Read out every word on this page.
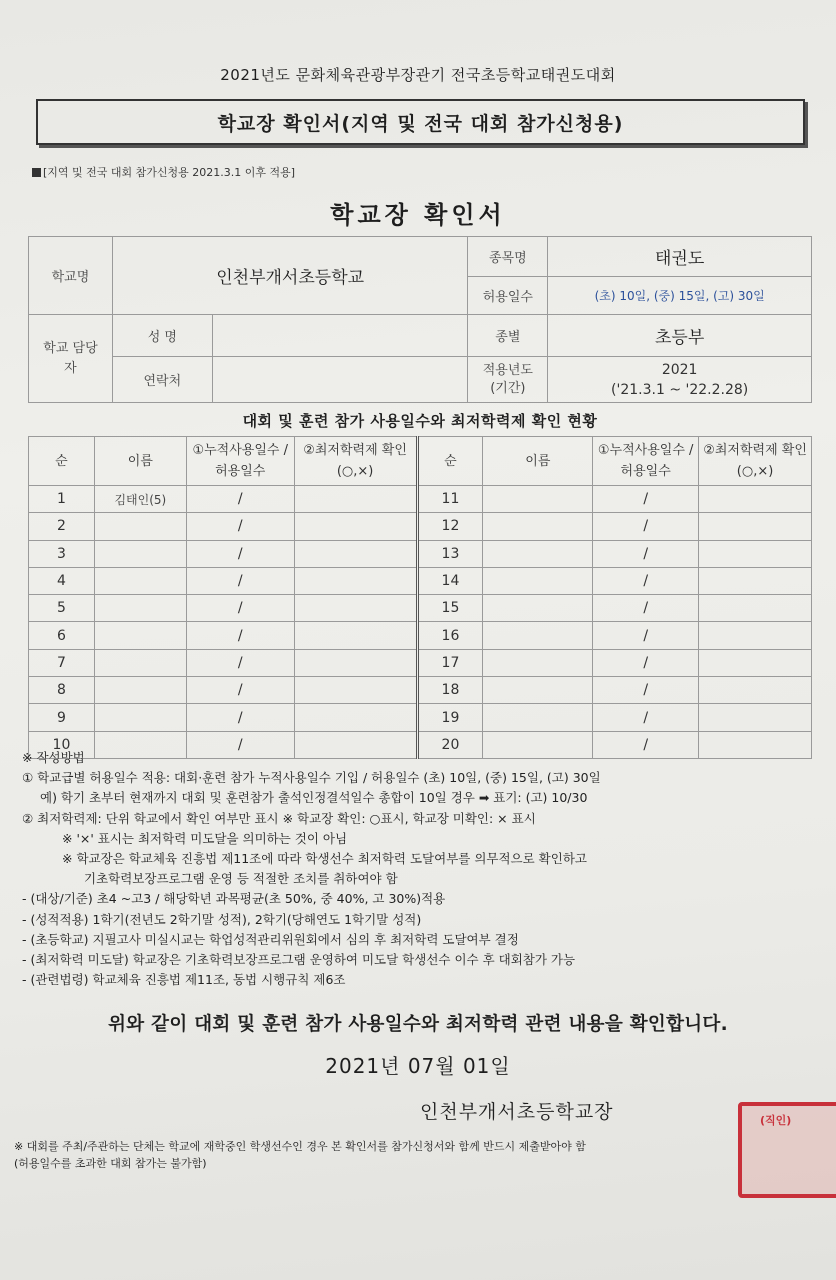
2021년도 문화체육관광부장관기 전국초등학교태권도대회
학교장 확인서(지역 및 전국 대회 참가신청용)
[지역 및 전국 대회 참가신청용 2021.3.1 이후 적용]
학교장 확인서
학교명	인천부개서초등학교		종목명	태권도
			허용일수	(초) 10일, (중) 15일, (고) 30일
학교 담당자	성 명		종별	초등부
	연락처		적용년도 (기간)	2021
('21.3.1 ~ '22.2.28)
대회 및 훈련 참가 사용일수와 최저학력제 확인 현황
순	이름	①누적사용일수 /허용일수	②최저학력제 확인(○,×)	순	이름	①누적사용일수 /허용일수	②최저학력제 확인(○,×)
1	김태인(5)	/		11		/	
2		/		12		/	
3		/		13		/	
4		/		14		/	
5		/		15		/	
6		/		16		/	
7		/		17		/	
8		/		18		/	
9		/		19		/	
10		/		20		/	
※ 작성방법
① 학교급별 허용일수 적용: 대회·훈련 참가 누적사용일수 기입 / 허용일수 (초) 10일, (중) 15일, (고) 30일
예) 학기 초부터 현재까지 대회 및 훈련참가 출석인정결석일수 총합이 10일 경우 ➡ 표기: (고) 10/30
② 최저학력제: 단위 학교에서 확인 여부만 표시 ※ 학교장 확인: ○표시, 학교장 미확인: × 표시
※ '×' 표시는 최저학력 미도달을 의미하는 것이 아님
※ 학교장은 학교체육 진흥법 제11조에 따라 학생선수 최저학력 도달여부를 의무적으로 확인하고
기초학력보장프로그램 운영 등 적절한 조치를 취하여야 함
- (대상/기준) 초4 ~고3 / 해당학년 과목평균(초 50%, 중 40%, 고 30%)적용
- (성적적용) 1학기(전년도 2학기말 성적), 2학기(당해연도 1학기말 성적)
- (초등학교) 지필고사 미실시교는 학업성적관리위원회에서 심의 후 최저학력 도달여부 결정
- (최저학력 미도달) 학교장은 기초학력보장프로그램 운영하여 미도달 학생선수 이수 후 대회참가 가능
- (관련법령) 학교체육 진흥법 제11조, 동법 시행규칙 제6조
위와 같이 대회 및 훈련 참가 사용일수와 최저학력 관련 내용을 확인합니다.
2021년 07월 01일
인천부개서초등학교장	(직인)
※ 대회를 주최/주관하는 단체는 학교에 재학중인 학생선수인 경우 본 확인서를 참가신청서와 함께 반드시 제출받아야 함
(허용일수를 초과한 대회 참가는 불가함)
